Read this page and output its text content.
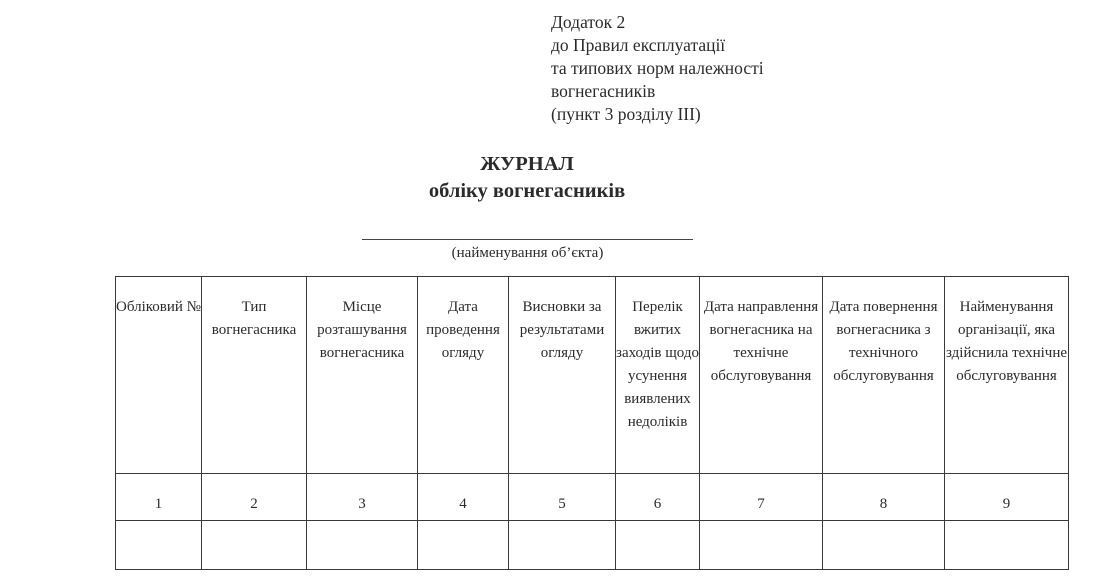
Додаток 2
до Правил експлуатації
та типових норм належності
вогнегасників
(пункт 3 розділу ІІІ)
ЖУРНАЛ
обліку вогнегасників
(найменування об’єкта)
Обліковий №	Тип вогнегасника	Місце розташування вогнегасника	Дата проведення огляду	Висновки за результатами огляду	Перелік вжитих заходів щодо усунення виявлених недоліків	Дата направлення вогнегасника на технічне обслуговування	Дата повернення вогнегасника з технічного обслуговування	Найменування організації, яка здійснила технічне обслуговування

1	2	3	4	5	6	7	8	9
